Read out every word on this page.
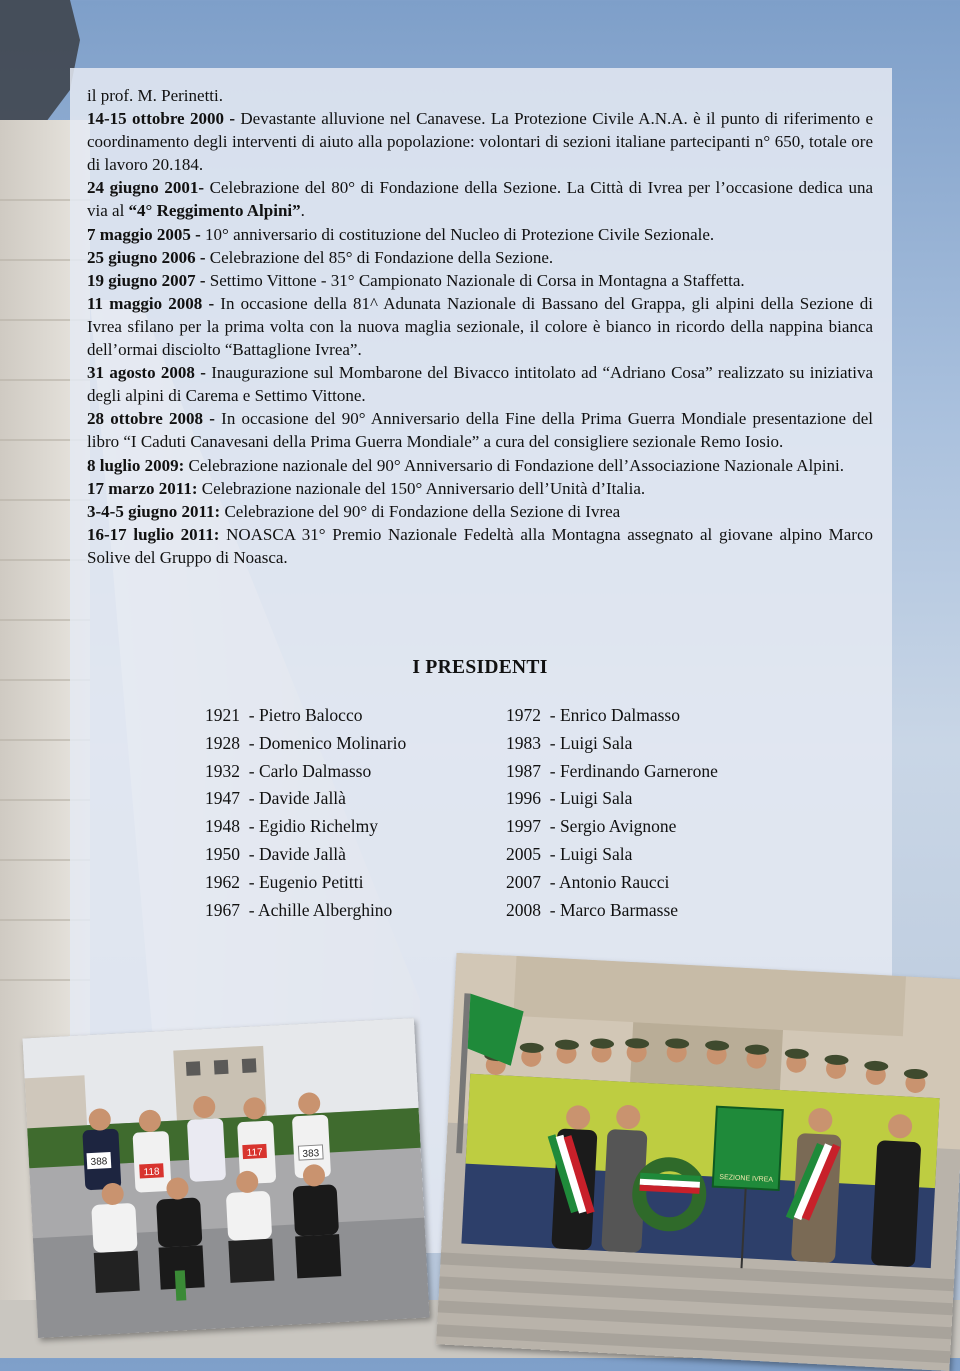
il prof. M. Perinetti.

14-15 ottobre 2000 - Devastante alluvione nel Canavese. La Protezione Civile A.N.A. è il punto di riferimento e coordinamento degli interventi di aiuto alla popolazione: volontari di sezioni italiane partecipanti n° 650, totale ore di lavoro 20.184.

24 giugno 2001- Celebrazione del 80° di Fondazione della Sezione. La Città di Ivrea per l’occasione dedica una via al “4° Reggimento Alpini”.

7 maggio 2005 - 10° anniversario di costituzione del Nucleo di Protezione Civile Sezionale.

25 giugno 2006 - Celebrazione del 85° di Fondazione della Sezione.

19 giugno 2007 - Settimo Vittone - 31° Campionato Nazionale di Corsa in Montagna a Staffetta.

11 maggio 2008 - In occasione della 81^ Adunata Nazionale di Bassano del Grappa, gli alpini della Sezione di Ivrea sfilano per la prima volta con la nuova maglia sezionale, il colore è bianco in ricordo della nappina bianca dell’ormai disciolto “Battaglione Ivrea”.

31 agosto 2008 - Inaugurazione sul Mombarone del Bivacco intitolato ad “Adriano Cosa” realizzato su iniziativa degli alpini di Carema e Settimo Vittone.

28 ottobre 2008 - In occasione del 90° Anniversario della Fine della Prima Guerra Mondiale presentazione del libro “I Caduti Canavesani della Prima Guerra Mondiale” a cura del consigliere sezionale Remo Iosio.

8 luglio 2009: Celebrazione nazionale del 90° Anniversario di Fondazione dell’Associazione Nazionale Alpini.

17 marzo 2011: Celebrazione nazionale del 150° Anniversario dell’Unità d’Italia.

3-4-5 giugno 2011: Celebrazione del 90° di Fondazione della Sezione di Ivrea

16-17 luglio 2011: NOASCA 31° Premio Nazionale Fedeltà alla Montagna assegnato al giovane alpino Marco Solive del Gruppo di Noasca.

I PRESIDENTI
1921  - Pietro Balocco
1928  - Domenico Molinario
1932  - Carlo Dalmasso
1947  - Davide Jallà
1948  - Egidio Richelmy
1950  - Davide Jallà
1962  - Eugenio Petitti
1967  - Achille Alberghino
1972  - Enrico Dalmasso
1983  - Luigi Sala
1987  - Ferdinando Garnerone
1996  - Luigi Sala
1997  - Sergio Avignone
2005  - Luigi Sala
2007  - Antonio Raucci
2008  - Marco Barmasse
388
118
117	383
SEZIONE IVREA
